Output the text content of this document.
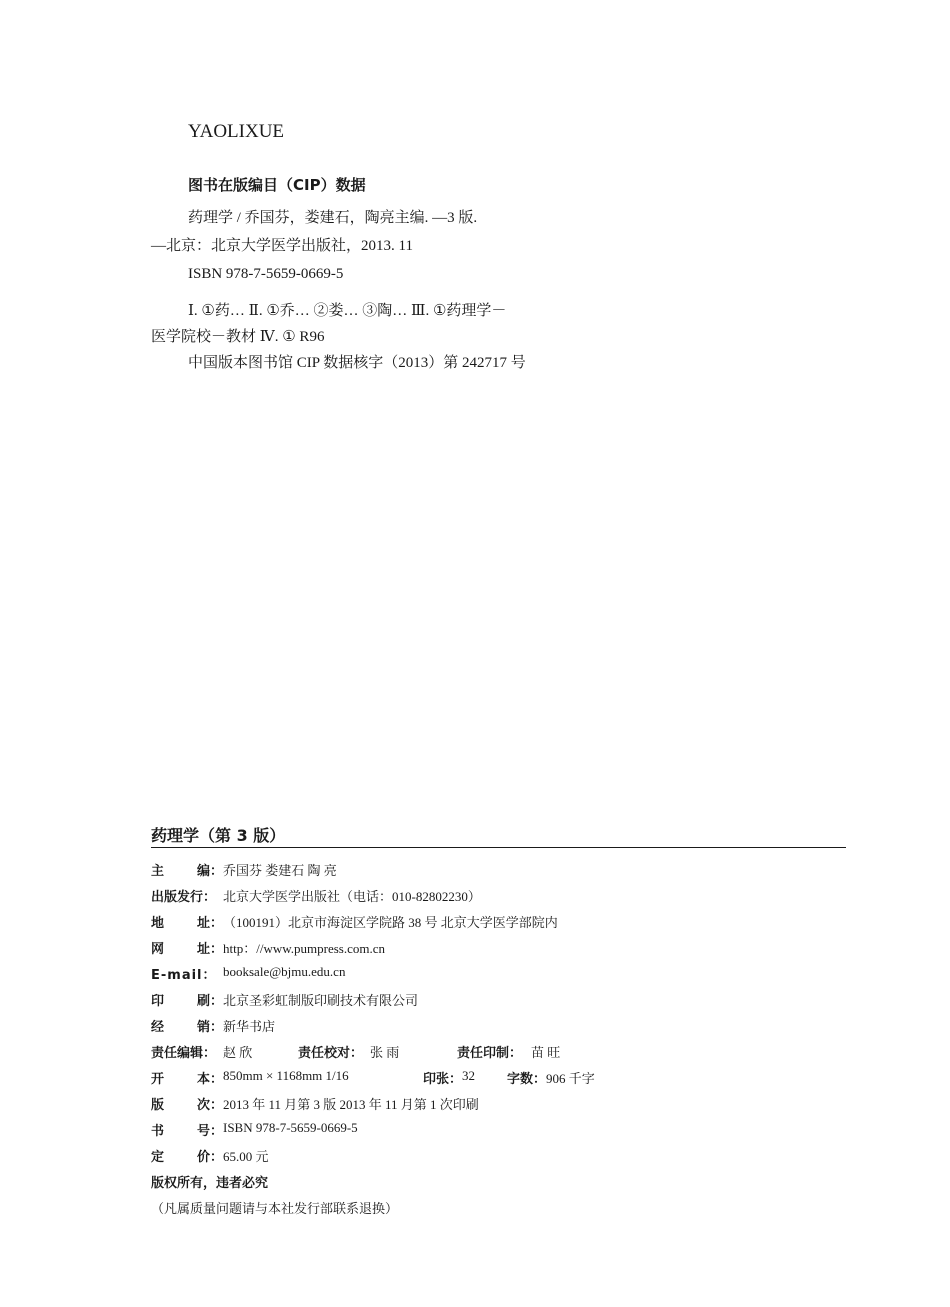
YAOLIXUE
图书在版编目（CIP）数据
药理学 / 乔国芬，娄建石，陶亮主编. —3 版.
—北京：北京大学医学出版社，2013. 11
ISBN 978-7-5659-0669-5
Ⅰ. ①药… Ⅱ. ①乔… ②娄… ③陶… Ⅲ. ①药理学－
医学院校－教材 Ⅳ. ① R96
中国版本图书馆 CIP 数据核字（2013）第 242717 号
药理学（第 3 版）
主	编： 乔国芬 娄建石 陶 亮
出版发行： 北京大学医学出版社（电话：010-82802230）
地	址： （100191）北京市海淀区学院路 38 号 北京大学医学部院内
网	址： http：//www.pumpress.com.cn
E-mail： booksale@bjmu.edu.cn
印	刷： 北京圣彩虹制版印刷技术有限公司
经	销： 新华书店
责任编辑： 赵 欣	责任校对： 张 雨	责任印制： 苗 旺
开	本： 850mm × 1168mm 1/16	印张： 32 字数： 906 千字
版	次： 2013 年 11 月第 3 版 2013 年 11 月第 1 次印刷
书	号： ISBN 978-7-5659-0669-5
定	价： 65.00 元
版权所有，违者必究
（凡属质量问题请与本社发行部联系退换）
